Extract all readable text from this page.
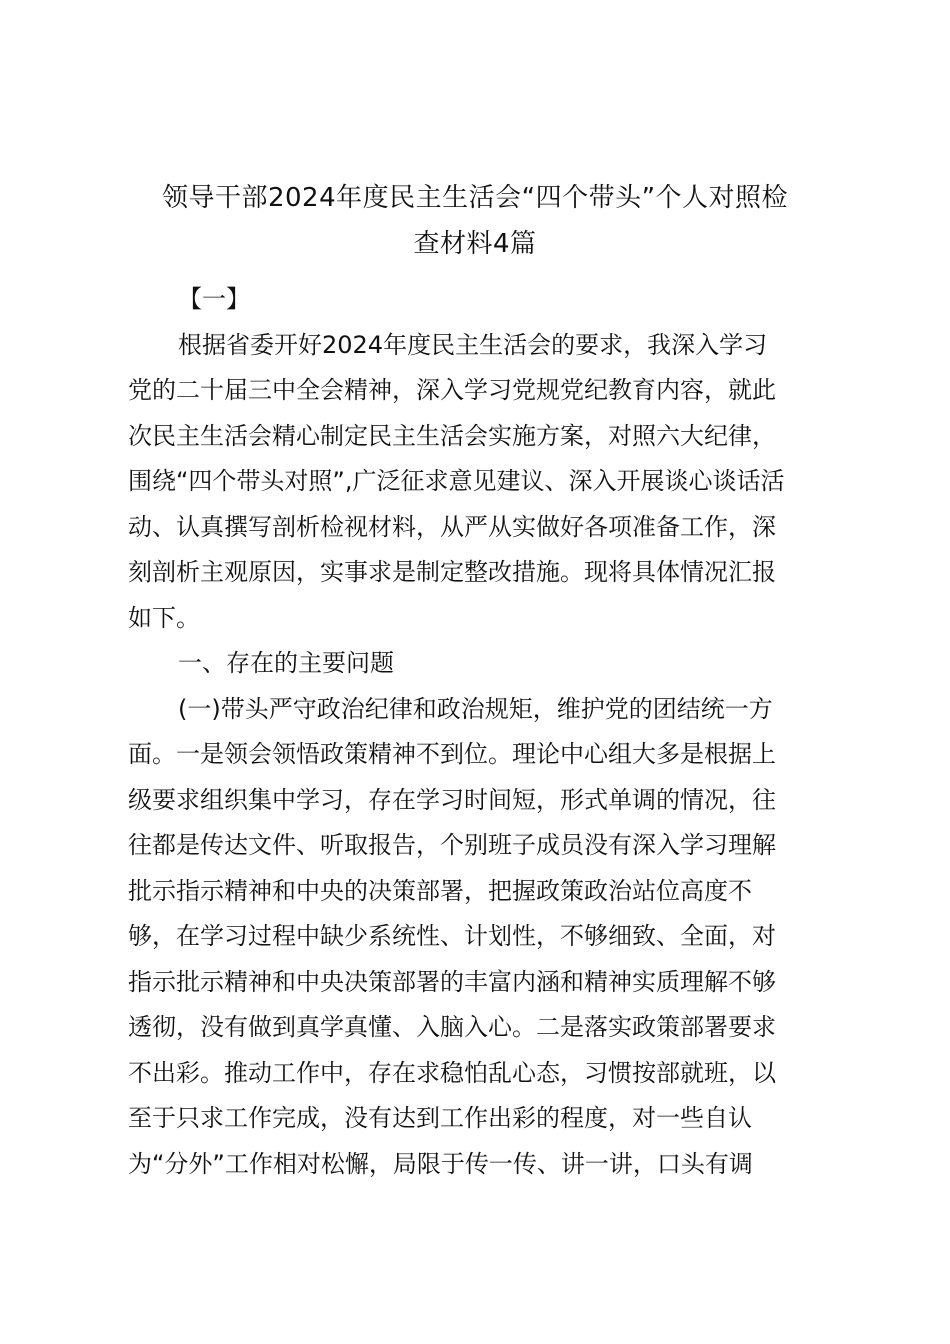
领导干部2024年度民主生活会“四个带头”个人对照检
查材料4篇
【一】
根据省委开好2024年度民主生活会的要求，我深入学习
党的二十届三中全会精神，深入学习党规党纪教育内容，就此
次民主生活会精心制定民主生活会实施方案，对照六大纪律，
围绕“四个带头对照”,广泛征求意见建议、深入开展谈心谈话活
动、认真撰写剖析检视材料，从严从实做好各项准备工作，深
刻剖析主观原因，实事求是制定整改措施。现将具体情况汇报
如下。
一、存在的主要问题
(一)带头严守政治纪律和政治规矩，维护党的团结统一方
面。一是领会领悟政策精神不到位。理论中心组大多是根据上
级要求组织集中学习，存在学习时间短，形式单调的情况，往
往都是传达文件、听取报告，个别班子成员没有深入学习理解
批示指示精神和中央的决策部署，把握政策政治站位高度不
够，在学习过程中缺少系统性、计划性，不够细致、全面，对
指示批示精神和中央决策部署的丰富内涵和精神实质理解不够
透彻，没有做到真学真懂、入脑入心。二是落实政策部署要求
不出彩。推动工作中，存在求稳怕乱心态，习惯按部就班，以
至于只求工作完成，没有达到工作出彩的程度，对一些自认
为“分外”工作相对松懈，局限于传一传、讲一讲，口头有调
